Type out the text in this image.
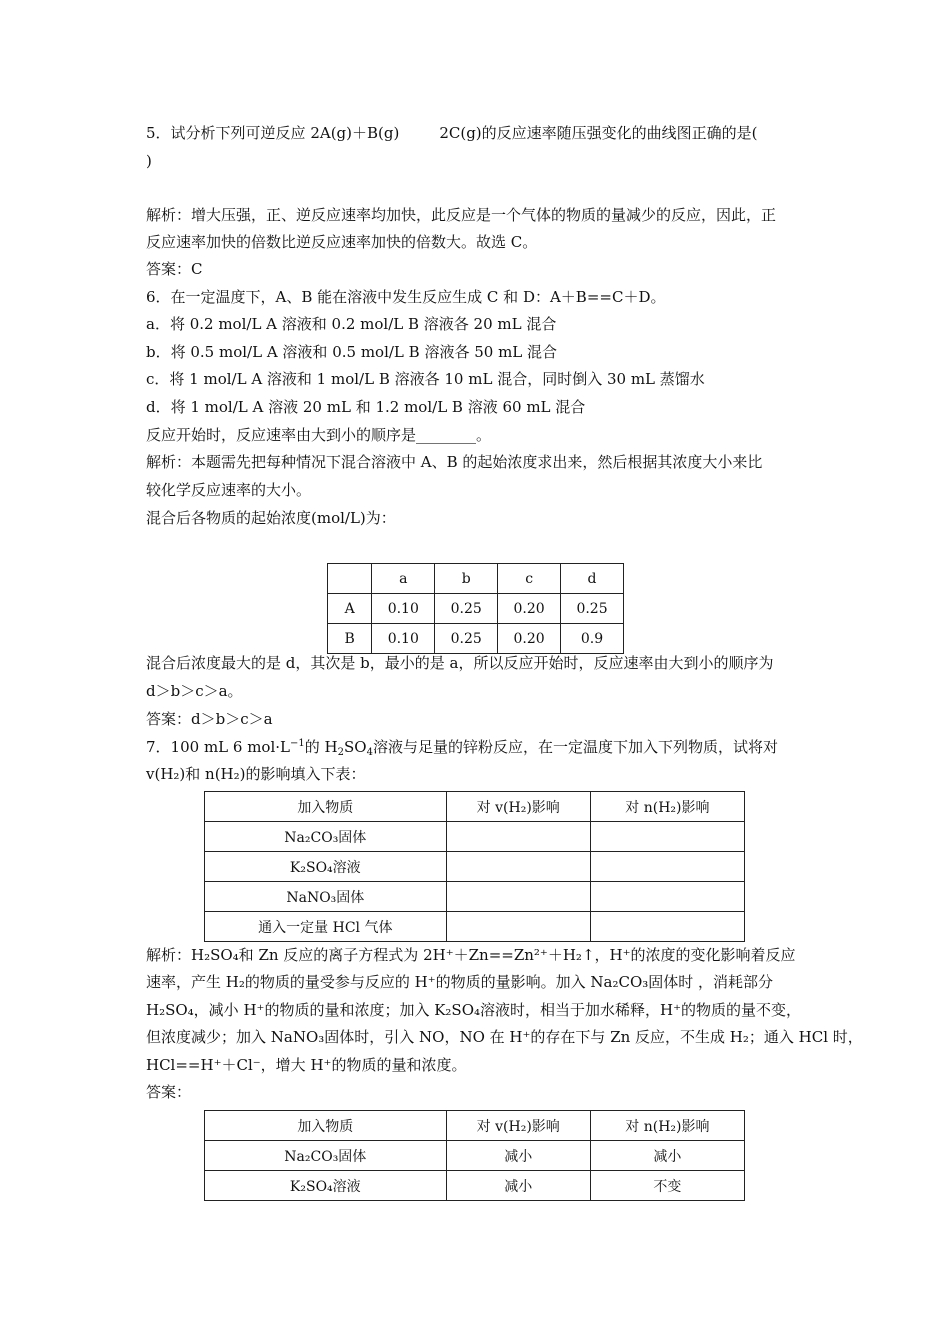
5．试分析下列可逆反应 2A(g)＋B(g)	2C(g)的反应速率随压强变化的曲线图正确的是(
)
解析：增大压强，正、逆反应速率均加快，此反应是一个气体的物质的量减少的反应，因此，正
反应速率加快的倍数比逆反应速率加快的倍数大。故选 C。
答案：C
6．在一定温度下，A、B 能在溶液中发生反应生成 C 和 D：A＋B==C＋D。
a．将 0.2 mol/L A 溶液和 0.2 mol/L B 溶液各 20 mL 混合
b．将 0.5 mol/L A 溶液和 0.5 mol/L B 溶液各 50 mL 混合
c．将 1 mol/L A 溶液和 1 mol/L B 溶液各 10 mL 混合，同时倒入 30 mL 蒸馏水
d．将 1 mol/L A 溶液 20 mL 和 1.2 mol/L B 溶液 60 mL 混合
反应开始时，反应速率由大到小的顺序是________。
解析：本题需先把每种情况下混合溶液中 A、B 的起始浓度求出来，然后根据其浓度大小来比
较化学反应速率的大小。
混合后各物质的起始浓度(mol/L)为：
	a	b	c	d
A	0.10	0.25	0.20	0.25
B	0.10	0.25	0.20	0.9
混合后浓度最大的是 d，其次是 b，最小的是 a，所以反应开始时，反应速率由大到小的顺序为
d＞b＞c＞a。
答案：d＞b＞c＞a
7．100 mL 6 $mol\cdot L^{-1}$的 $H_2SO_4$溶液与足量的锌粉反应，在一定温度下加入下列物质，试将对
v(H₂)和 n(H₂)的影响填入下表：
加入物质	对 v(H₂)影响	对 n(H₂)影响
Na₂CO₃固体		
K₂SO₄溶液		
NaNO₃固体		
通入一定量 HCl 气体		
解析：H₂SO₄和 Zn 反应的离子方程式为 2H⁺＋Zn==Zn²⁺＋H₂↑，H⁺的浓度的变化影响着反应
速率，产生 H₂的物质的量受参与反应的 H⁺的物质的量影响。加入 Na₂CO₃固体时 ，消耗部分
H₂SO₄，减小 H⁺的物质的量和浓度；加入 K₂SO₄溶液时，相当于加水稀释，H⁺的物质的量不变，
但浓度减少；加入 NaNO₃固体时，引入 NO，NO 在 H⁺的存在下与 Zn 反应，不生成 H₂；通入 HCl 时，
HCl==H⁺＋Cl⁻，增大 H⁺的物质的量和浓度。
答案：
加入物质	对 v(H₂)影响	对 n(H₂)影响
Na₂CO₃固体	减小	减小
K₂SO₄溶液	减小	不变
